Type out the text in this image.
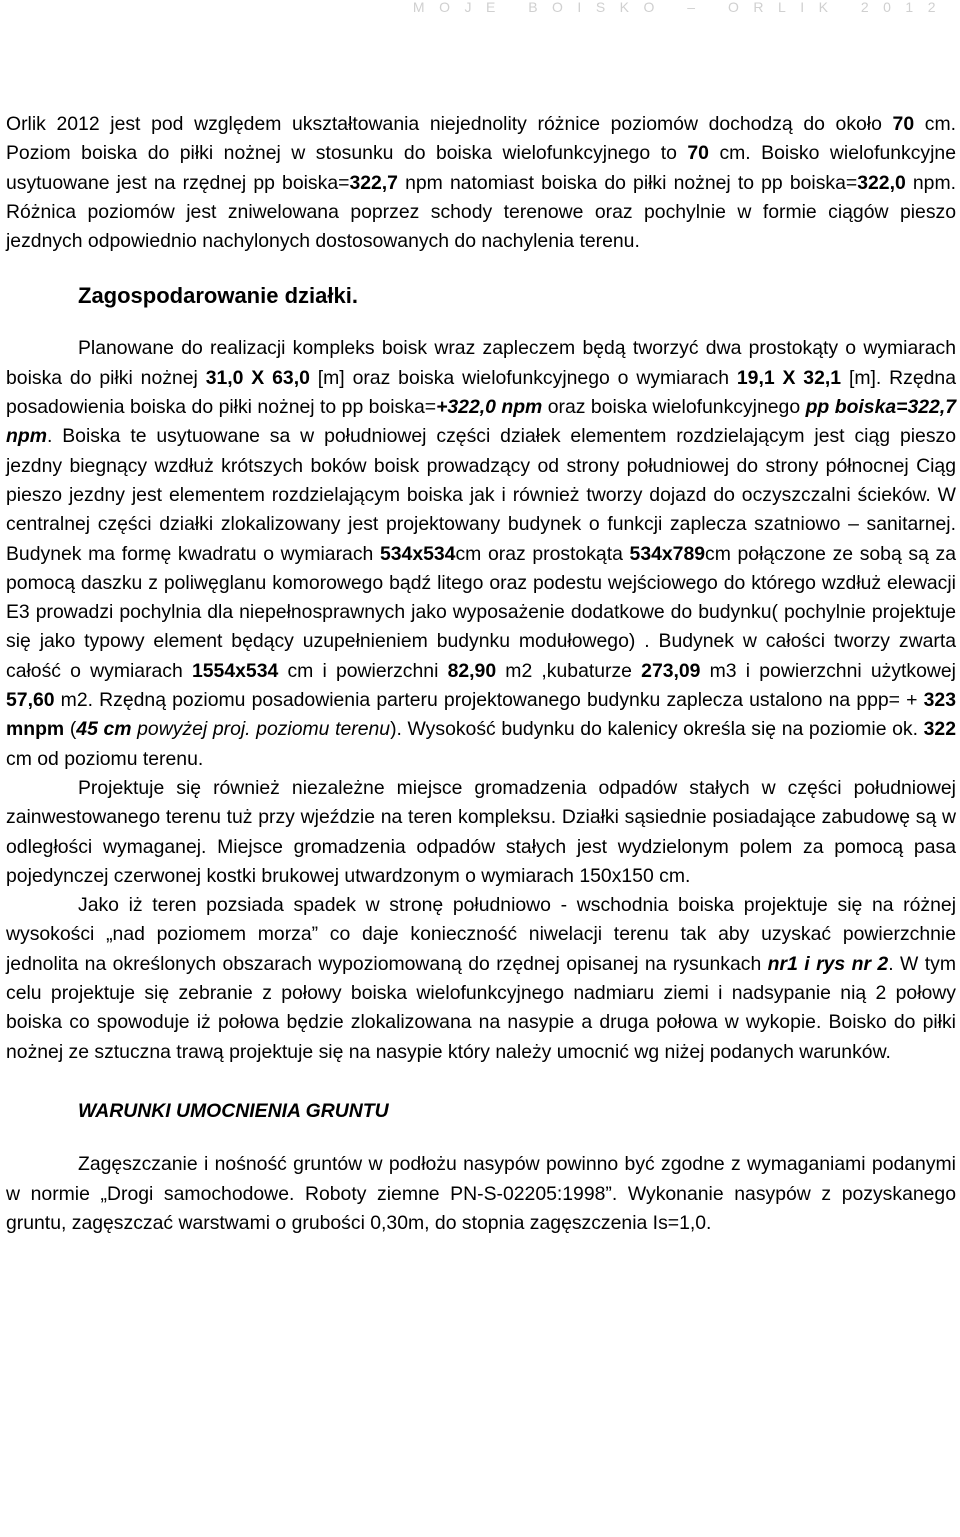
MOJE BOISKO – ORLIK 2012

Orlik 2012 jest pod względem ukształtowania niejednolity różnice poziomów dochodzą do około 70 cm. Poziom boiska do piłki nożnej w stosunku do boiska wielofunkcyjnego to 70 cm. Boisko wielofunkcyjne usytuowane jest na rzędnej pp boiska=322,7 npm natomiast boiska do piłki nożnej to pp boiska=322,0 npm. Różnica poziomów jest zniwelowana poprzez schody terenowe oraz pochylnie w formie ciągów pieszo jezdnych odpowiednio nachylonych dostosowanych do nachylenia terenu.

Zagospodarowanie działki.

Planowane do realizacji kompleks boisk wraz zapleczem będą tworzyć dwa prostokąty o wymiarach boiska do piłki nożnej 31,0 X 63,0 [m] oraz boiska wielofunkcyjnego o wymiarach 19,1 X 32,1 [m]. Rzędna posadowienia boiska do piłki nożnej to pp boiska=+322,0 npm oraz boiska wielofunkcyjnego pp boiska=322,7 npm. Boiska te usytuowane sa w południowej części działek elementem rozdzielającym jest ciąg pieszo jezdny biegnący wzdłuż krótszych boków boisk prowadzący od strony południowej do strony północnej Ciąg pieszo jezdny jest elementem rozdzielającym boiska jak i również tworzy dojazd do oczyszczalni ścieków. W centralnej części działki zlokalizowany jest projektowany budynek o funkcji zaplecza szatniowo – sanitarnej. Budynek ma formę kwadratu o wymiarach 534x534cm oraz prostokąta 534x789cm połączone ze sobą są za pomocą daszku z poliwęglanu komorowego bądź litego oraz podestu wejściowego do którego wzdłuż elewacji E3 prowadzi pochylnia dla niepełnosprawnych jako wyposażenie dodatkowe do budynku( pochylnie projektuje się jako typowy element będący uzupełnieniem budynku modułowego) . Budynek w całości tworzy zwarta całość o wymiarach 1554x534 cm i powierzchni 82,90 m2 ,kubaturze 273,09 m3 i powierzchni użytkowej 57,60 m2. Rzędną poziomu posadowienia parteru projektowanego budynku zaplecza ustalono na ppp= + 323 mnpm (45 cm powyżej proj. poziomu terenu). Wysokość budynku do kalenicy określa się na poziomie ok. 322 cm od poziomu terenu.

Projektuje się również niezależne miejsce gromadzenia odpadów stałych w części południowej zainwestowanego terenu tuż przy wjeździe na teren kompleksu. Działki sąsiednie posiadające zabudowę są w odległości wymaganej. Miejsce gromadzenia odpadów stałych jest wydzielonym polem za pomocą pasa pojedynczej czerwonej kostki brukowej utwardzonym o wymiarach 150x150 cm.

Jako iż teren pozsiada spadek w stronę południowo - wschodnia boiska projektuje się na różnej wysokości „nad poziomem morza” co daje konieczność niwelacji terenu tak aby uzyskać powierzchnie jednolita na określonych obszarach wypoziomowaną do rzędnej opisanej na rysunkach nr1 i rys nr 2. W tym celu projektuje się zebranie z połowy boiska wielofunkcyjnego nadmiaru ziemi i nadsypanie nią 2 połowy boiska co spowoduje iż połowa będzie zlokalizowana na nasypie a druga połowa w wykopie. Boisko do piłki nożnej ze sztuczna trawą projektuje się na nasypie który należy umocnić wg niżej podanych warunków.

WARUNKI UMOCNIENIA GRUNTU

Zagęszczanie i nośność gruntów w podłożu nasypów powinno być zgodne z wymaganiami podanymi w normie „Drogi samochodowe. Roboty ziemne PN-S-02205:1998”. Wykonanie nasypów z pozyskanego gruntu, zagęszczać warstwami o grubości 0,30m, do stopnia zagęszczenia Is=1,0.
